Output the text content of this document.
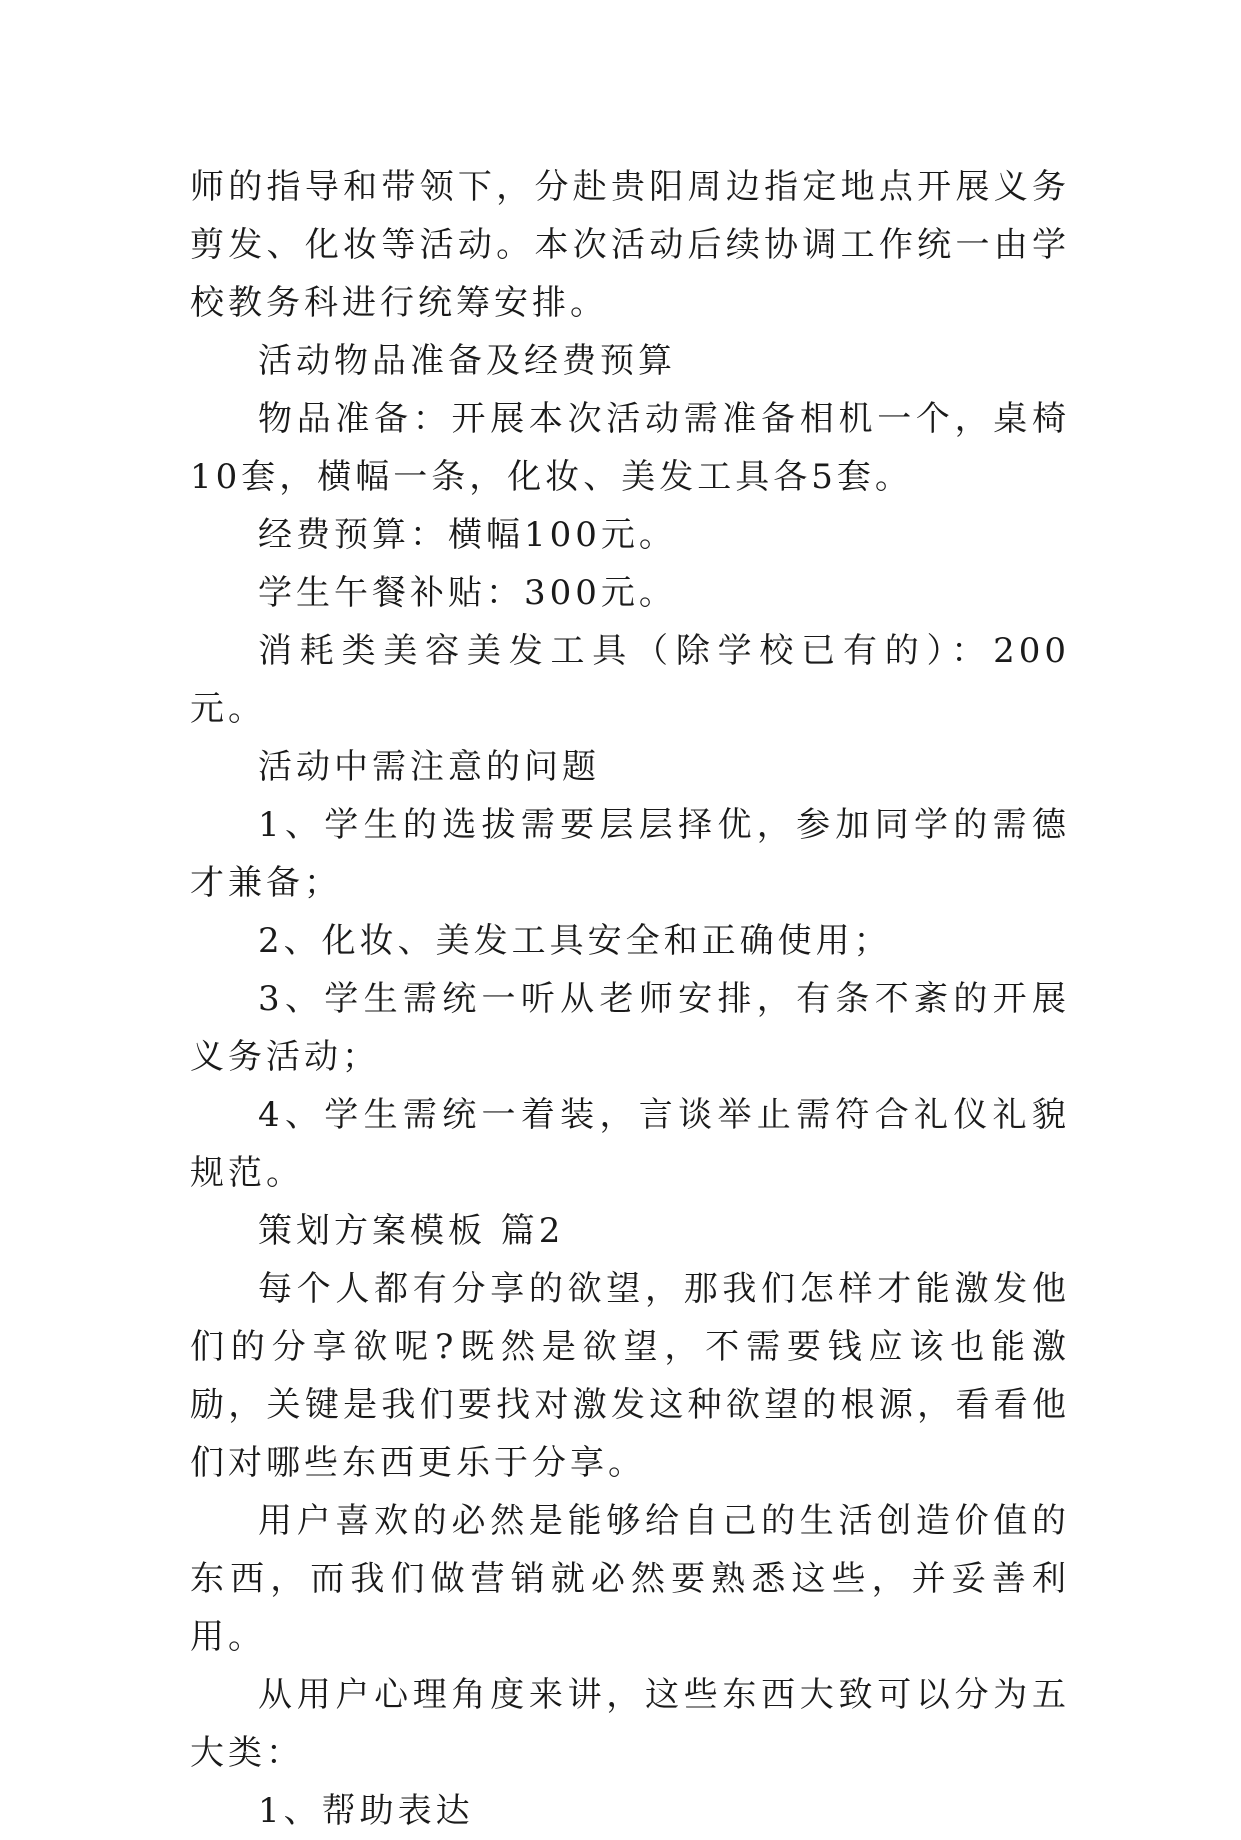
师的指导和带领下，分赴贵阳周边指定地点开展义务剪发、化妆等活动。本次活动后续协调工作统一由学校教务科进行统筹安排。

活动物品准备及经费预算

物品准备：开展本次活动需准备相机一个，桌椅10套，横幅一条，化妆、美发工具各5套。

经费预算：横幅100元。

学生午餐补贴：300元。

消耗类美容美发工具（除学校已有的）：200元。

活动中需注意的问题

1、学生的选拔需要层层择优，参加同学的需德才兼备；

2、化妆、美发工具安全和正确使用；

3、学生需统一听从老师安排，有条不紊的开展义务活动；

4、学生需统一着装，言谈举止需符合礼仪礼貌规范。

策划方案模板 篇2

每个人都有分享的欲望，那我们怎样才能激发他们的分享欲呢?既然是欲望，不需要钱应该也能激励，关键是我们要找对激发这种欲望的根源，看看他们对哪些东西更乐于分享。

用户喜欢的必然是能够给自己的生活创造价值的东西，而我们做营销就必然要熟悉这些，并妥善利用。

从用户心理角度来讲，这些东西大致可以分为五大类：

1、帮助表达
